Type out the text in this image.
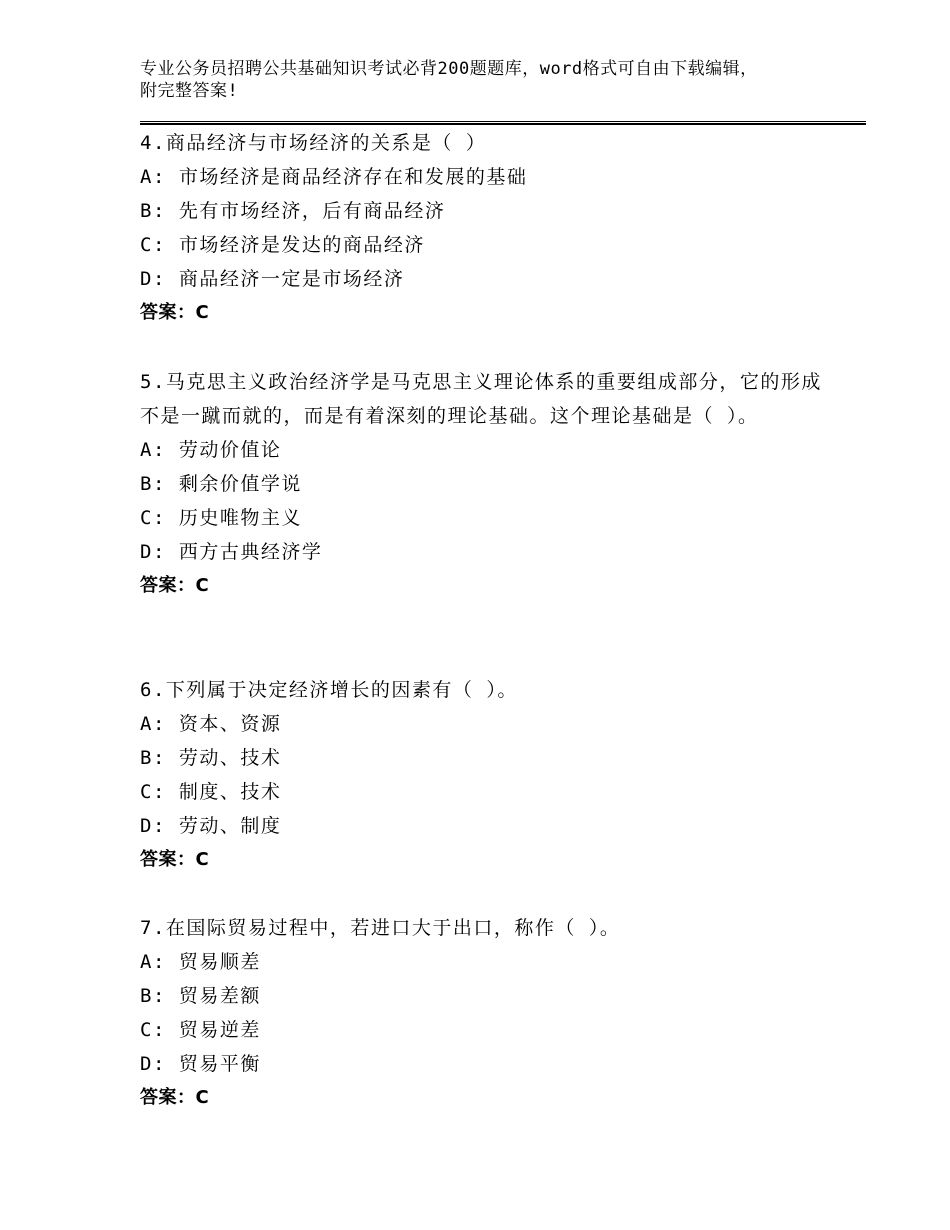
专业公务员招聘公共基础知识考试必背200题题库，word格式可自由下载编辑，
附完整答案!

4.商品经济与市场经济的关系是（ ）

A: 市场经济是商品经济存在和发展的基础

B: 先有市场经济，后有商品经济

C: 市场经济是发达的商品经济

D: 商品经济一定是市场经济

答案：C

5.马克思主义政治经济学是马克思主义理论体系的重要组成部分，它的形成不是一蹴而就的，而是有着深刻的理论基础。这个理论基础是（ ）。

A: 劳动价值论

B: 剩余价值学说

C: 历史唯物主义

D: 西方古典经济学

答案：C

6.下列属于决定经济增长的因素有（ ）。

A: 资本、资源

B: 劳动、技术

C: 制度、技术

D: 劳动、制度

答案：C

7.在国际贸易过程中，若进口大于出口，称作（ ）。

A: 贸易顺差

B: 贸易差额

C: 贸易逆差

D: 贸易平衡

答案：C
